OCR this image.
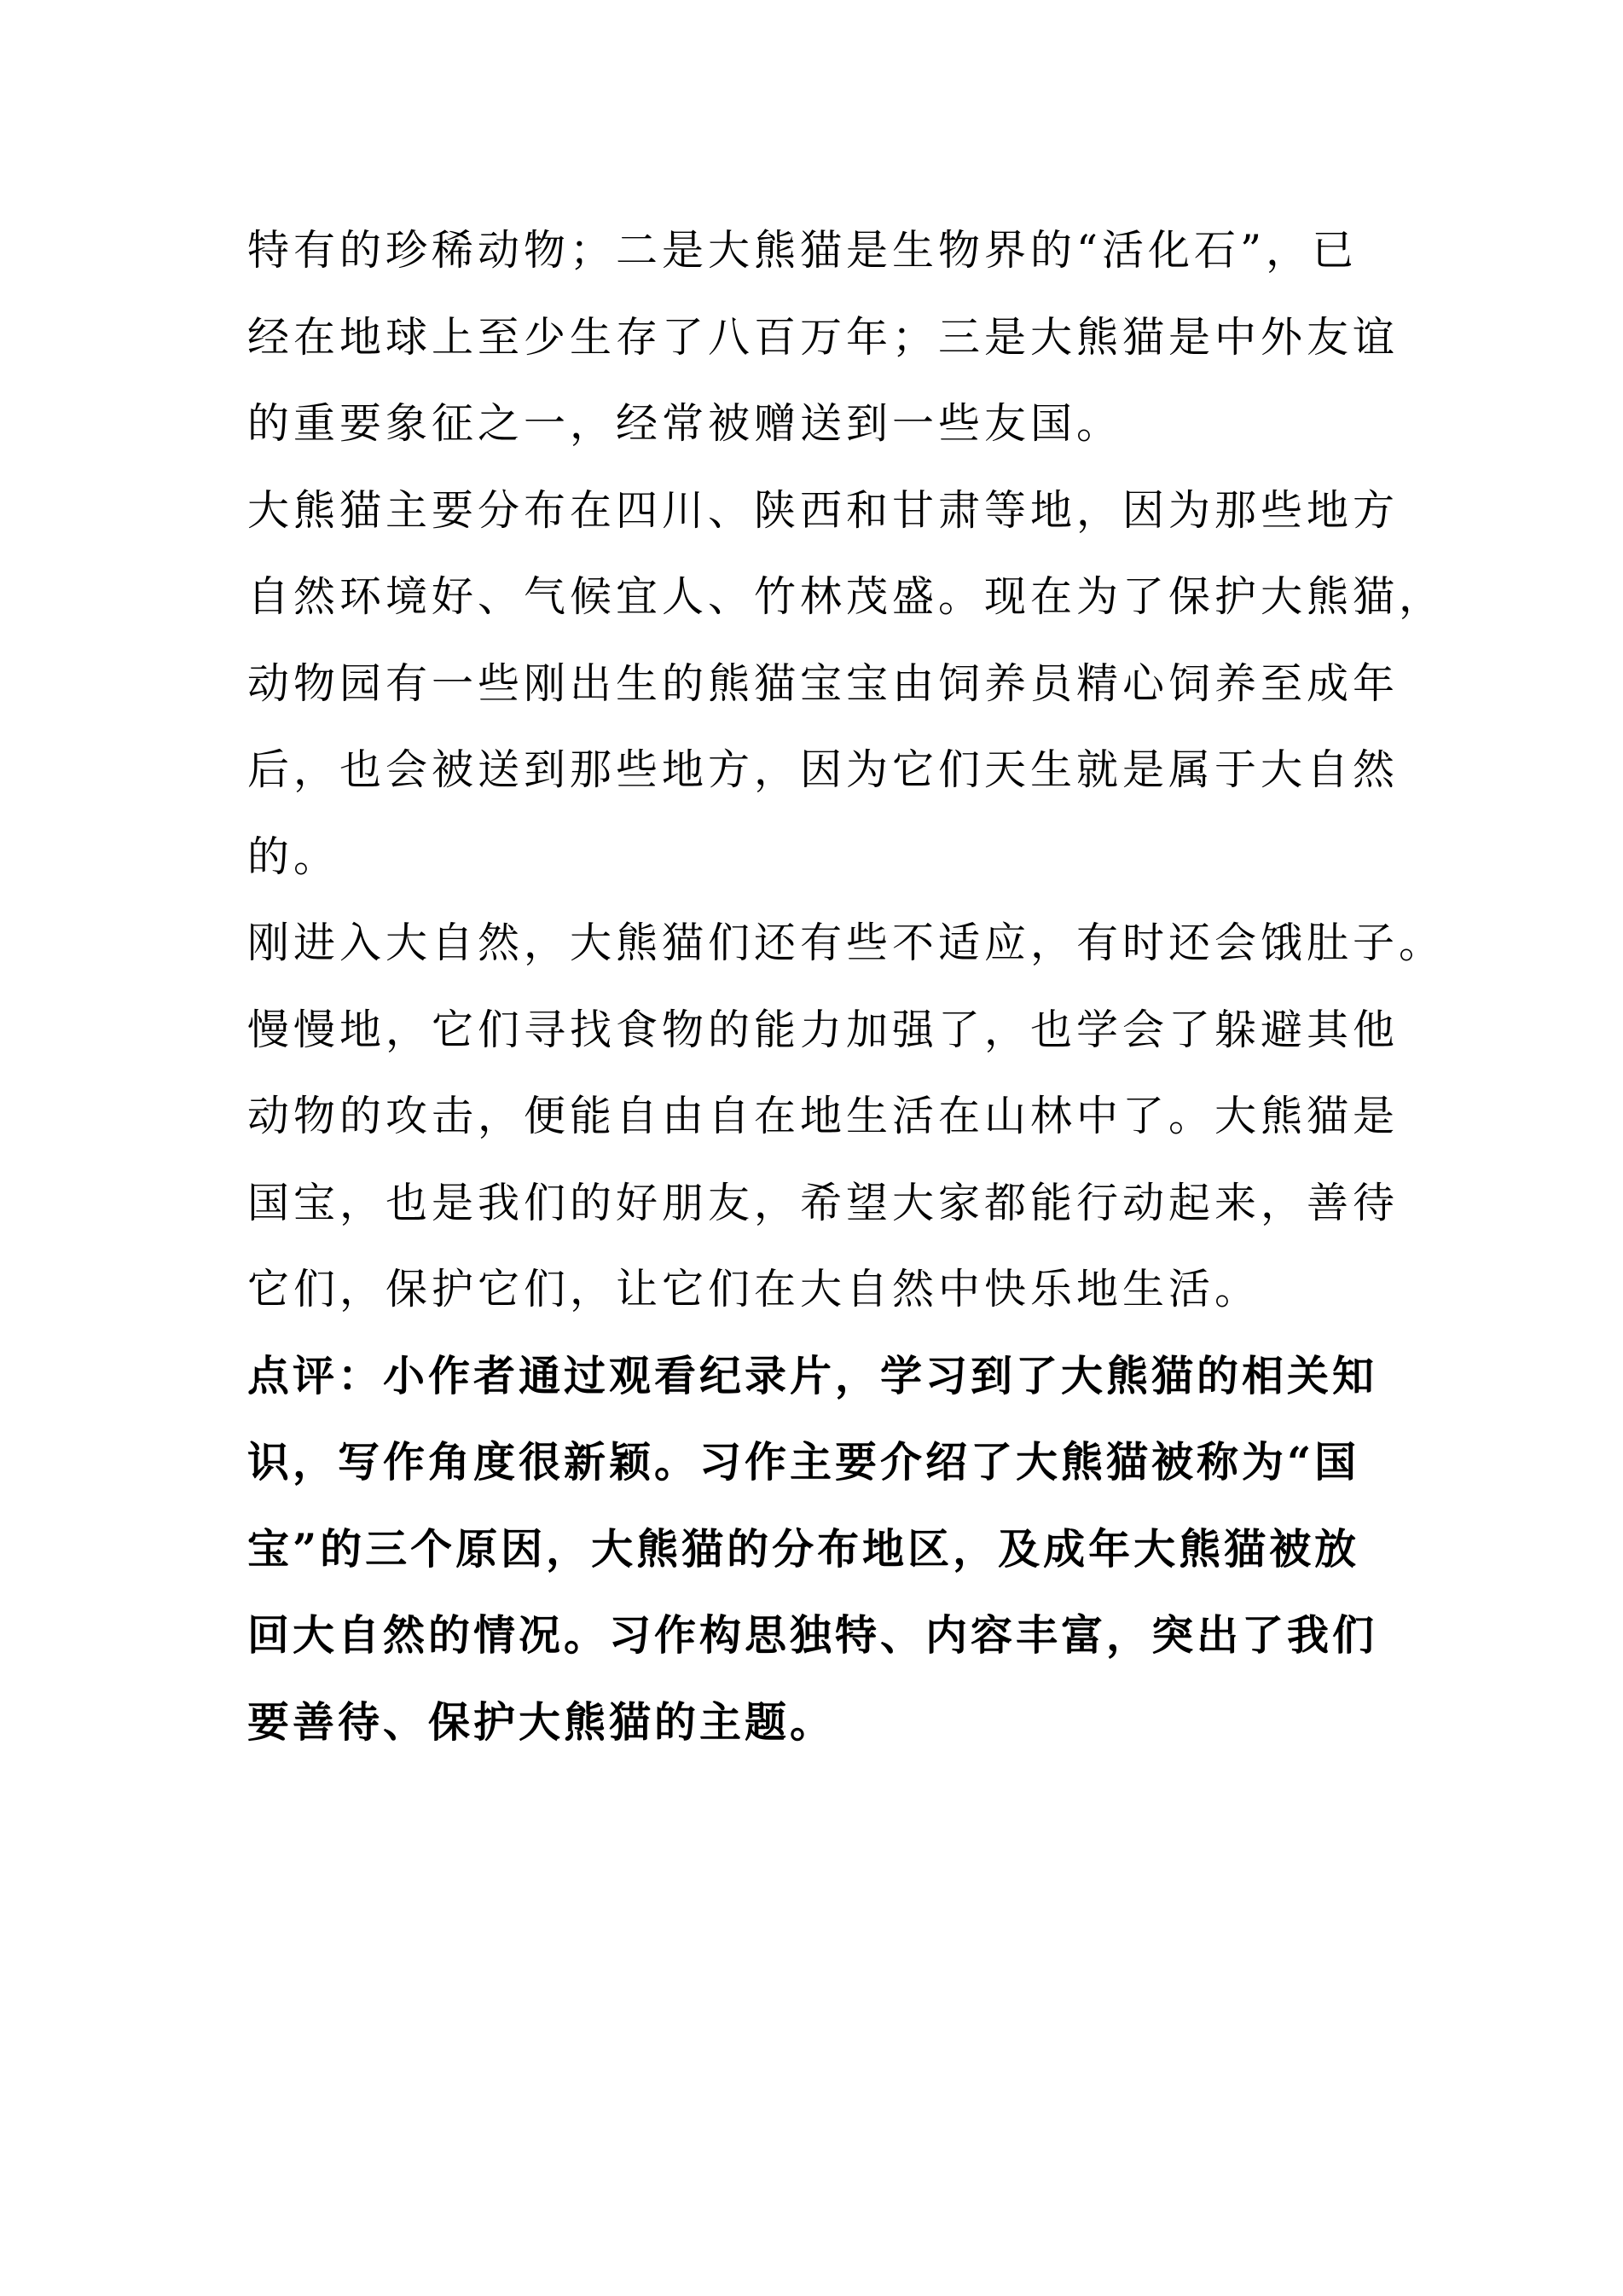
特有的珍稀动物；二是大熊猫是生物界的“活化石”，已
经在地球上至少生存了八百万年；三是大熊猫是中外友谊
的重要象征之一，经常被赠送到一些友国。
大熊猫主要分布在四川、陕西和甘肃等地，因为那些地方
自然环境好、气候宜人、竹林茂盛。现在为了保护大熊猫，
动物园有一些刚出生的熊猫宝宝由饲养员精心饲养至成年
后，也会被送到那些地方，因为它们天生就是属于大自然
的。
刚进入大自然，大熊猫们还有些不适应，有时还会饿肚子。
慢慢地，它们寻找食物的能力加强了，也学会了躲避其他
动物的攻击，便能自由自在地生活在山林中了。大熊猫是
国宝，也是我们的好朋友，希望大家都能行动起来，善待
它们，保护它们，让它们在大自然中快乐地生活。
点评：小作者通过观看纪录片，学习到了大熊猫的相关知
识，写作角度很新颖。习作主要介绍了大熊猫被称为“国
宝”的三个原因，大熊猫的分布地区，及成年大熊猫被放
回大自然的情况。习作构思独特、内容丰富，突出了我们
要善待、保护大熊猫的主题。
